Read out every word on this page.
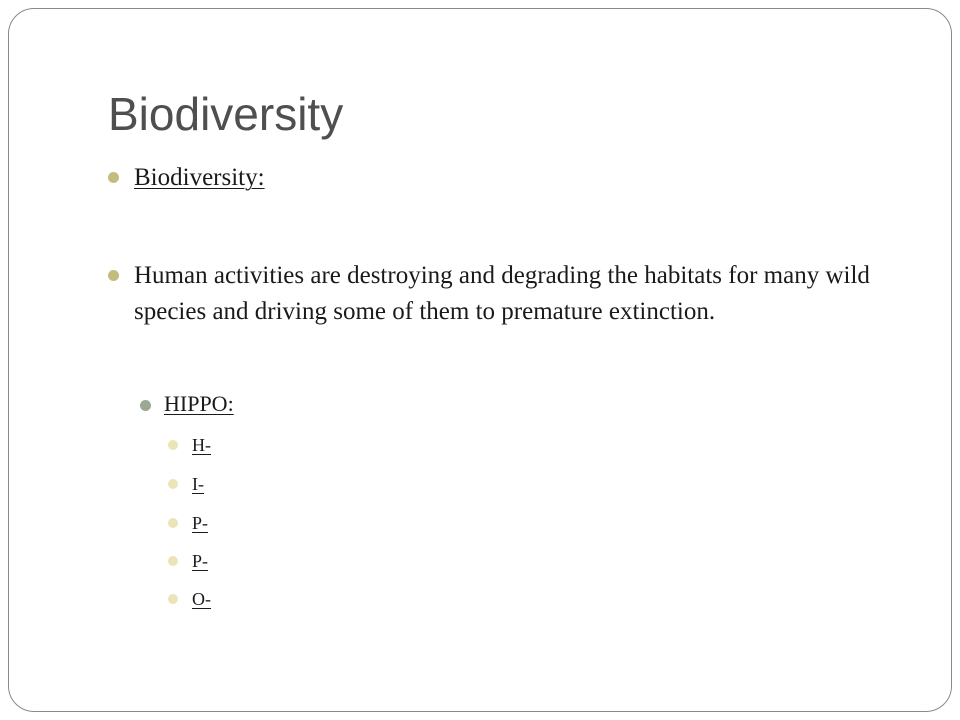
Biodiversity
Biodiversity:
Human activities are destroying and degrading the habitats for many wild species and driving some of them to premature extinction.
HIPPO:
H-
I-
P-
P-
O-
